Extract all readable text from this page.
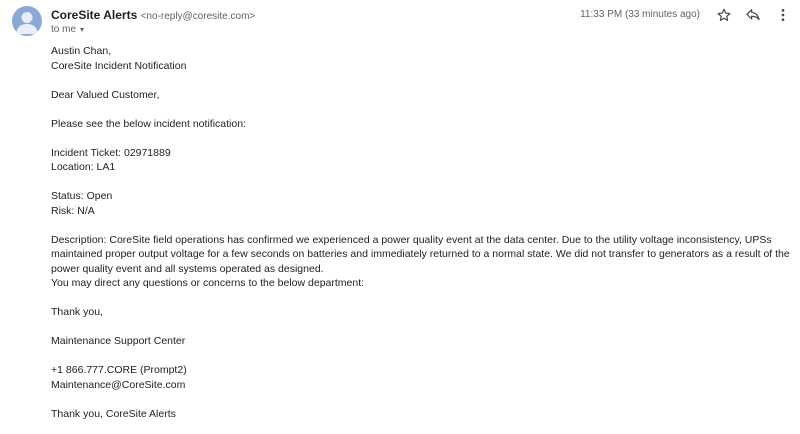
CoreSite Alerts <no-reply@coresite.com>
to me ▾
11:33 PM (33 minutes ago)

Austin Chan,

CoreSite Incident Notification

Dear Valued Customer,

Please see the below incident notification:

Incident Ticket: 02971889

Location: LA1

Status: Open

Risk: N/A

Description: CoreSite field operations has confirmed we experienced a power quality event at the data center. Due to the utility voltage inconsistency, UPSs maintained proper output voltage for a few seconds on batteries and immediately returned to a normal state. We did not transfer to generators as a result of the power quality event and all systems operated as designed.

You may direct any questions or concerns to the below department:

Thank you,

Maintenance Support Center

+1 866.777.CORE (Prompt2)

Maintenance@CoreSite.com

Thank you, CoreSite Alerts
